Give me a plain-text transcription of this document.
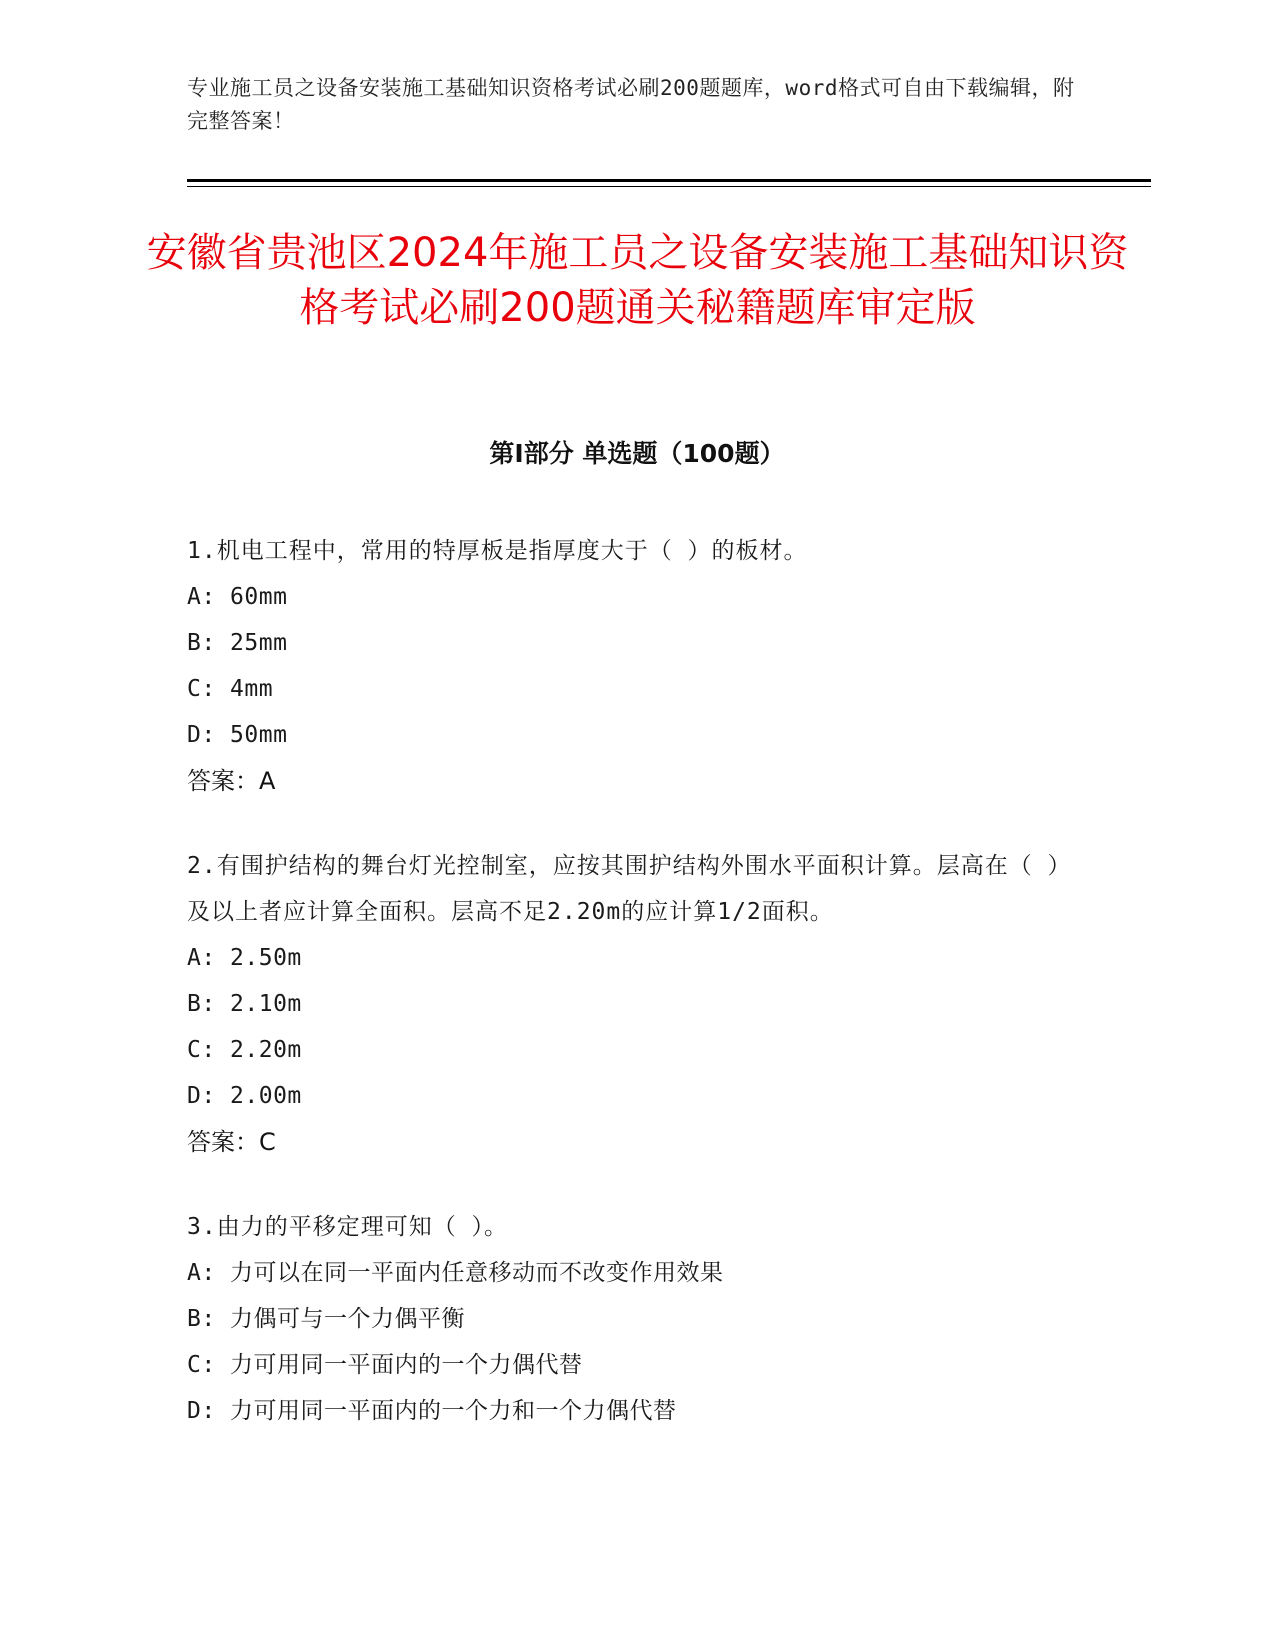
专业施工员之设备安装施工基础知识资格考试必刷200题题库，word格式可自由下载编辑，附完整答案！
安徽省贵池区2024年施工员之设备安装施工基础知识资格考试必刷200题通关秘籍题库审定版
第Ⅰ部分 单选题（100题）

1.机电工程中，常用的特厚板是指厚度大于（ ）的板材。

A: 60mm

B: 25mm

C: 4mm

D: 50mm

答案：A

2.有围护结构的舞台灯光控制室，应按其围护结构外围水平面积计算。层高在（ ）及以上者应计算全面积。层高不足2.20m的应计算1/2面积。

A: 2.50m

B: 2.10m

C: 2.20m

D: 2.00m

答案：C

3.由力的平移定理可知（ ）。

A: 力可以在同一平面内任意移动而不改变作用效果

B: 力偶可与一个力偶平衡

C: 力可用同一平面内的一个力偶代替

D: 力可用同一平面内的一个力和一个力偶代替
